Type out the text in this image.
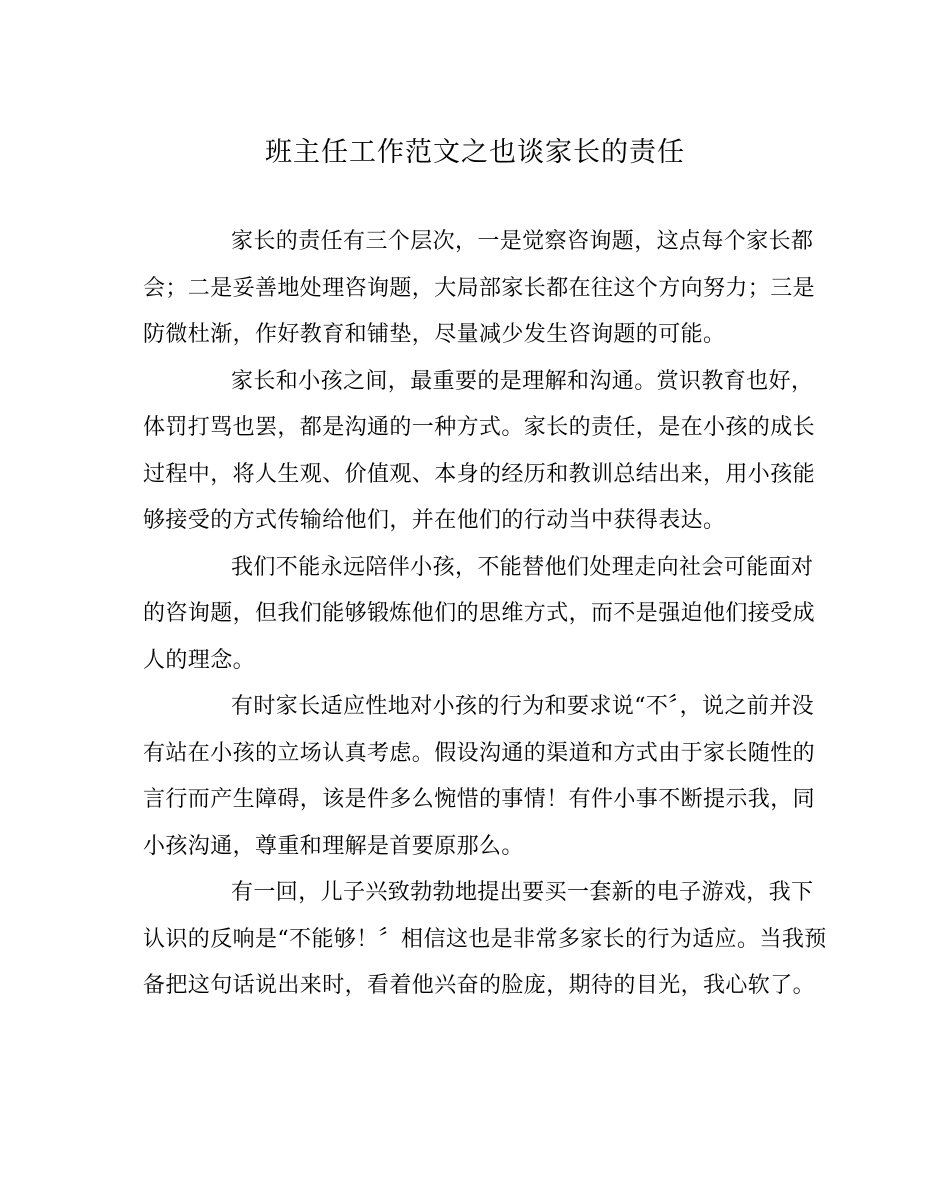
班主任工作范文之也谈家长的责任

家长的责任有三个层次，一是觉察咨询题，这点每个家长都
会；二是妥善地处理咨询题，大局部家长都在往这个方向努力；三是
防微杜渐，作好教育和铺垫，尽量减少发生咨询题的可能。

家长和小孩之间，最重要的是理解和沟通。赏识教育也好，
体罚打骂也罢，都是沟通的一种方式。家长的责任，是在小孩的成长
过程中，将人生观、价值观、本身的经历和教训总结出来，用小孩能
够接受的方式传输给他们，并在他们的行动当中获得表达。

我们不能永远陪伴小孩，不能替他们处理走向社会可能面对
的咨询题，但我们能够锻炼他们的思维方式，而不是强迫他们接受成
人的理念。

有时家长适应性地对小孩的行为和要求说“不〞，说之前并没
有站在小孩的立场认真考虑。假设沟通的渠道和方式由于家长随性的
言行而产生障碍，该是件多么惋惜的事情！有件小事不断提示我，同
小孩沟通，尊重和理解是首要原那么。

有一回，儿子兴致勃勃地提出要买一套新的电子游戏，我下
认识的反响是“不能够！〞相信这也是非常多家长的行为适应。当我预
备把这句话说出来时，看着他兴奋的脸庞，期待的目光，我心软了。
